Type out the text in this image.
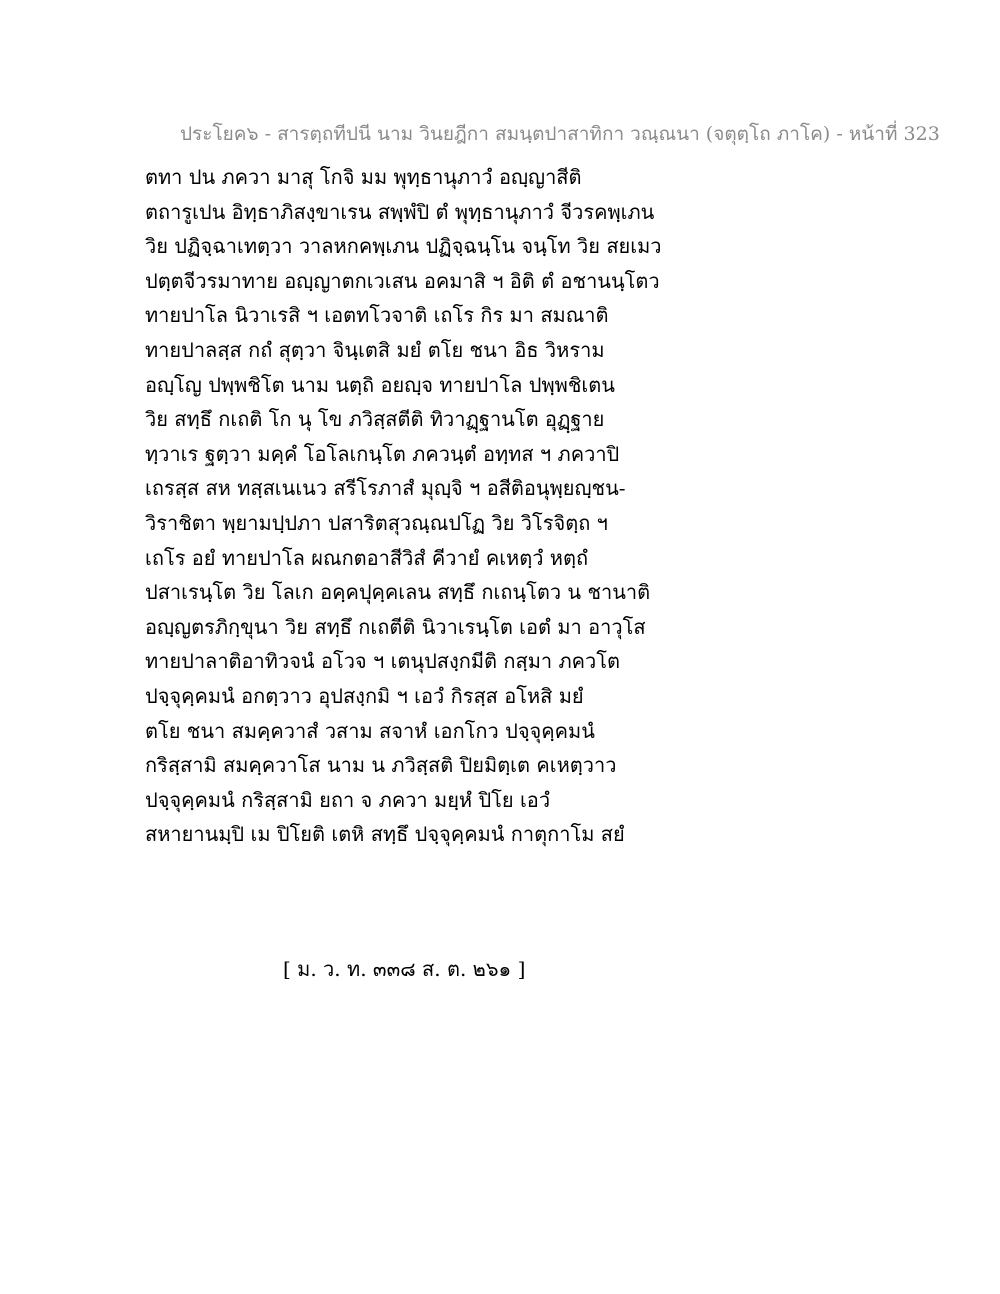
ประโยค๖ - สารตฺถทีปนี นาม วินยฎีกา สมนฺตปาสาทิกา วณฺณนา (จตุตฺโถ ภาโค) - หน้าที่ 323
ตทา ปน ภควา มาสุ โกจิ มม พุทฺธานุภาวํ อญฺญาสีติ
ตถารูเปน อิทฺธาภิสงฺขาเรน สพฺพํปิ ตํ พุทฺธานุภาวํ จีวรคพฺเภน
วิย ปฏิจฺฉาเทตฺวา วาลหกคพฺเภน ปฏิจฺฉนฺโน จนฺโท วิย สยเมว
ปตฺตจีวรมาทาย อญฺญาตกเวเสน อคมาสิ ฯ อิติ ตํ อชานนฺโตว
ทายปาโล นิวาเรสิ ฯ เอตทโวจาติ เถโร กิร มา สมณาติ
ทายปาลสฺส กถํ สุตฺวา จินฺเตสิ มยํ ตโย ชนา อิธ วิหราม
อญฺโญ ปพฺพชิโต นาม นตฺถิ อยญฺจ ทายปาโล ปพฺพชิเตน
วิย สทฺธึ กเถติ โก นุ โข ภวิสฺสตีติ ทิวาฏฺฐานโต อุฏฺฐาย
ทฺวาเร ฐตฺวา มคฺคํ โอโลเกนฺโต ภควนฺตํ อทฺทส ฯ ภควาปิ
เถรสฺส สห ทสฺสเนเนว สรีโรภาสํ มุญฺจิ ฯ อสีติอนุพฺยญฺชน-
วิราชิตา พฺยามปฺปภา ปสาริตสุวณฺณปโฏ วิย วิโรจิตฺถ ฯ
เถโร อยํ ทายปาโล ผณกตอาสีวิสํ คีวายํ คเหตฺวํ หตฺถํ
ปสาเรนฺโต วิย โลเก อคฺคปุคฺคเลน สทฺธึ กเถนฺโตว น ชานาติ
อญฺญตรภิกฺขุนา วิย สทฺธึ กเถตีติ นิวาเรนฺโต เอตํ มา อาวุโส
ทายปาลาติอาทิวจนํ อโวจ ฯ เตนุปสงฺกมีติ กสฺมา ภควโต
ปจฺจุคฺคมนํ อกตฺวาว อุปสงฺกมิ ฯ เอวํ กิรสฺส อโหสิ มยํ
ตโย ชนา สมคฺควาสํ วสาม สจาหํ เอกโกว ปจฺจุคฺคมนํ
กริสฺสามิ สมคฺควาโส นาม น ภวิสฺสติ ปิยมิตฺเต คเหตฺวาว
ปจฺจุคฺคมนํ กริสฺสามิ ยถา จ ภควา มยฺหํ ปิโย เอวํ
สหายานมฺปิ เม ปิโยติ เตหิ สทฺธึ ปจฺจุคฺคมนํ กาตุกาโม สยํ
[ ม. ว. ท. ๓๓๘ ส. ต. ๒๖๑ ]
